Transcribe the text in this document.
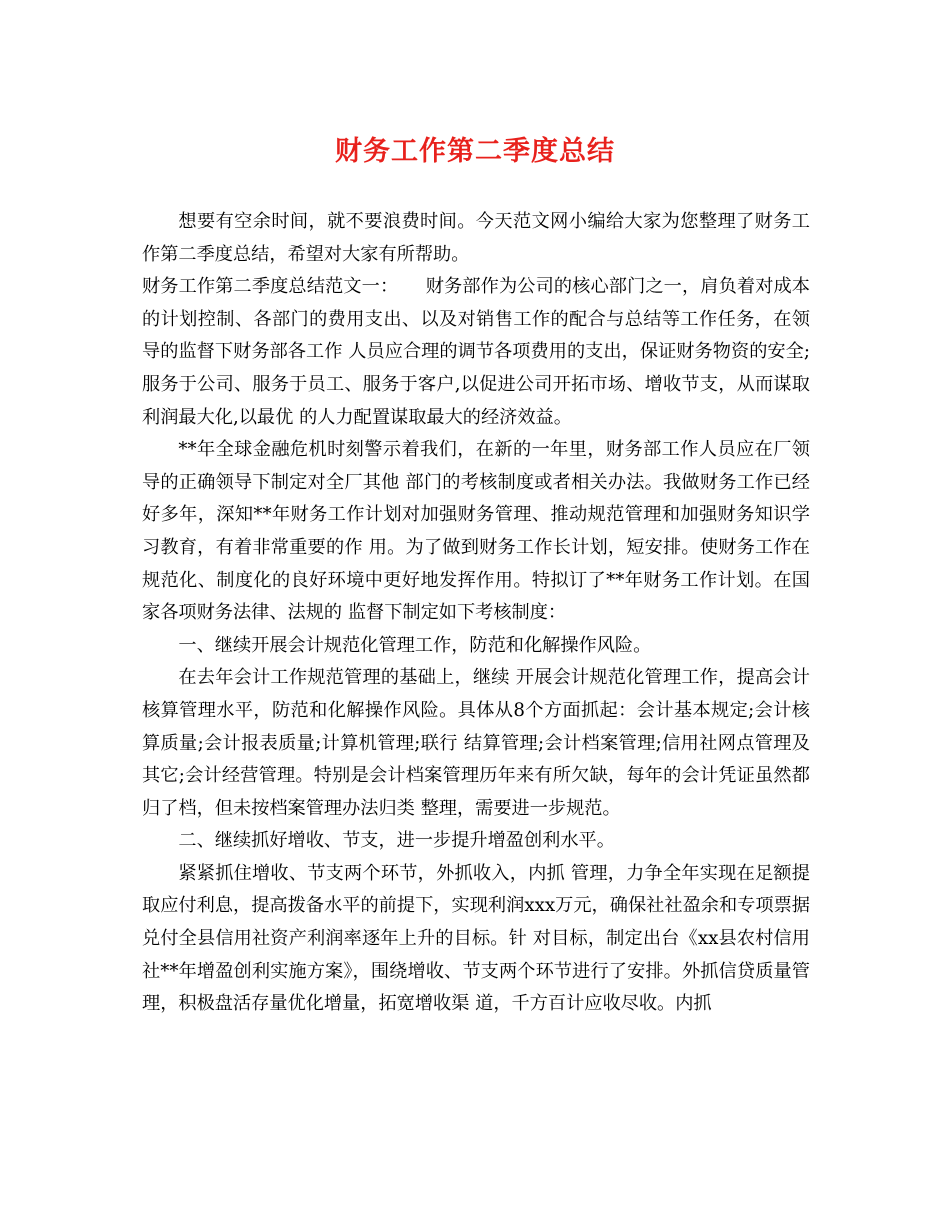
财务工作第二季度总结

想要有空余时间，就不要浪费时间。今天范文网小编给大家为您整理了财务工作第二季度总结，希望对大家有所帮助。

财务工作第二季度总结范文一：　　财务部作为公司的核心部门之一，肩负着对成本的计划控制、各部门的费用支出、以及对销售工作的配合与总结等工作任务，在领导的监督下财务部各工作 人员应合理的调节各项费用的支出，保证财务物资的安全;服务于公司、服务于员工、服务于客户,以促进公司开拓市场、增收节支，从而谋取利润最大化,以最优 的人力配置谋取最大的经济效益。

**年全球金融危机时刻警示着我们，在新的一年里，财务部工作人员应在厂领导的正确领导下制定对全厂其他 部门的考核制度或者相关办法。我做财务工作已经好多年，深知**年财务工作计划对加强财务管理、推动规范管理和加强财务知识学习教育，有着非常重要的作 用。为了做到财务工作长计划，短安排。使财务工作在规范化、制度化的良好环境中更好地发挥作用。特拟订了**年财务工作计划。在国家各项财务法律、法规的 监督下制定如下考核制度：

一、继续开展会计规范化管理工作，防范和化解操作风险。

在去年会计工作规范管理的基础上，继续 开展会计规范化管理工作，提高会计核算管理水平，防范和化解操作风险。具体从8个方面抓起：会计基本规定;会计核算质量;会计报表质量;计算机管理;联行 结算管理;会计档案管理;信用社网点管理及其它;会计经营管理。特别是会计档案管理历年来有所欠缺，每年的会计凭证虽然都归了档，但未按档案管理办法归类 整理，需要进一步规范。

二、继续抓好增收、节支，进一步提升增盈创利水平。

紧紧抓住增收、节支两个环节，外抓收入，内抓 管理，力争全年实现在足额提取应付利息，提高拨备水平的前提下，实现利润xxx万元，确保社社盈余和专项票据兑付全县信用社资产利润率逐年上升的目标。针 对目标，制定出台《xx县农村信用社**年增盈创利实施方案》，围绕增收、节支两个环节进行了安排。外抓信贷质量管理，积极盘活存量优化增量，拓宽增收渠 道，千方百计应收尽收。内抓
